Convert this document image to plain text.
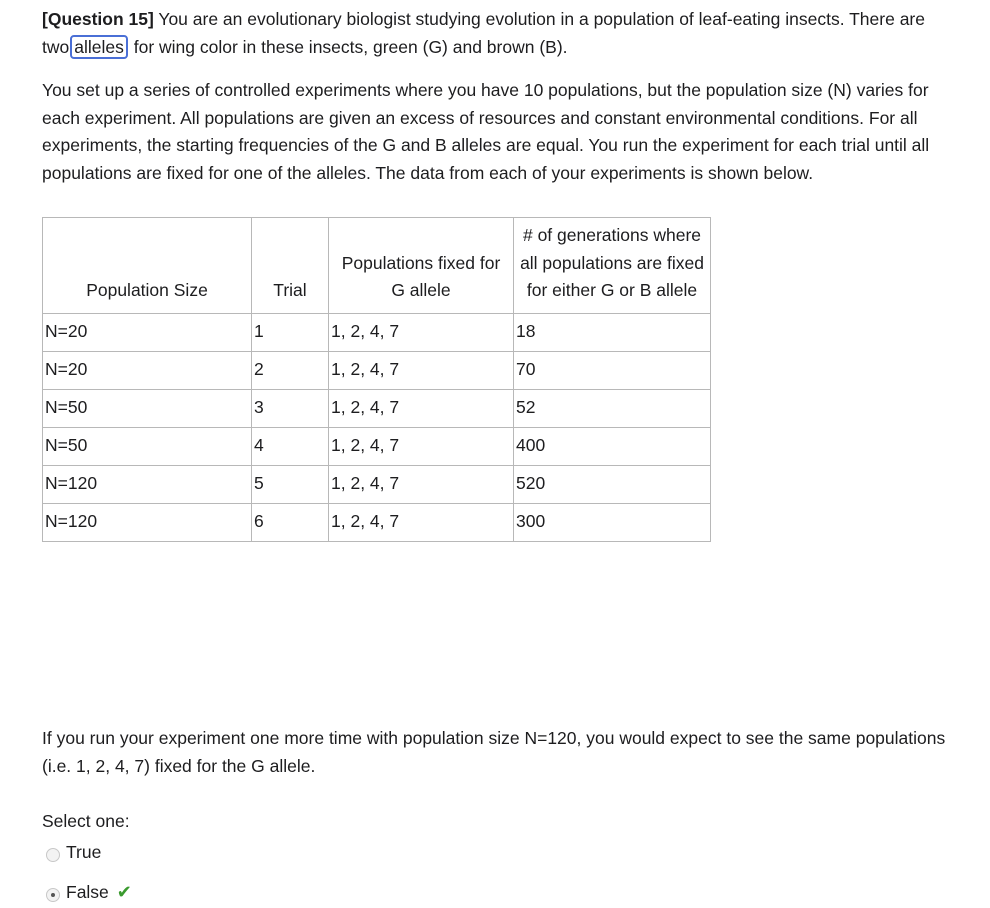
[Question 15] You are an evolutionary biologist studying evolution in a population of leaf-eating insects. There are two alleles for wing color in these insects, green (G) and brown (B).

You set up a series of controlled experiments where you have 10 populations, but the population size (N) varies for each experiment. All populations are given an excess of resources and constant environmental conditions. For all experiments, the starting frequencies of the G and B alleles are equal. You run the experiment for each trial until all populations are fixed for one of the alleles. The data from each of your experiments is shown below.

Population Size	Trial	Populations fixed for G allele	# of generations where all populations are fixed for either G or B allele
N=20	1	1, 2, 4, 7	18
N=20	2	1, 2, 4, 7	70
N=50	3	1, 2, 4, 7	52
N=50	4	1, 2, 4, 7	400
N=120	5	1, 2, 4, 7	520
N=120	6	1, 2, 4, 7	300

If you run your experiment one more time with population size N=120, you would expect to see the same populations (i.e. 1, 2, 4, 7) fixed for the G allele.

Select one:

True
False ✔
